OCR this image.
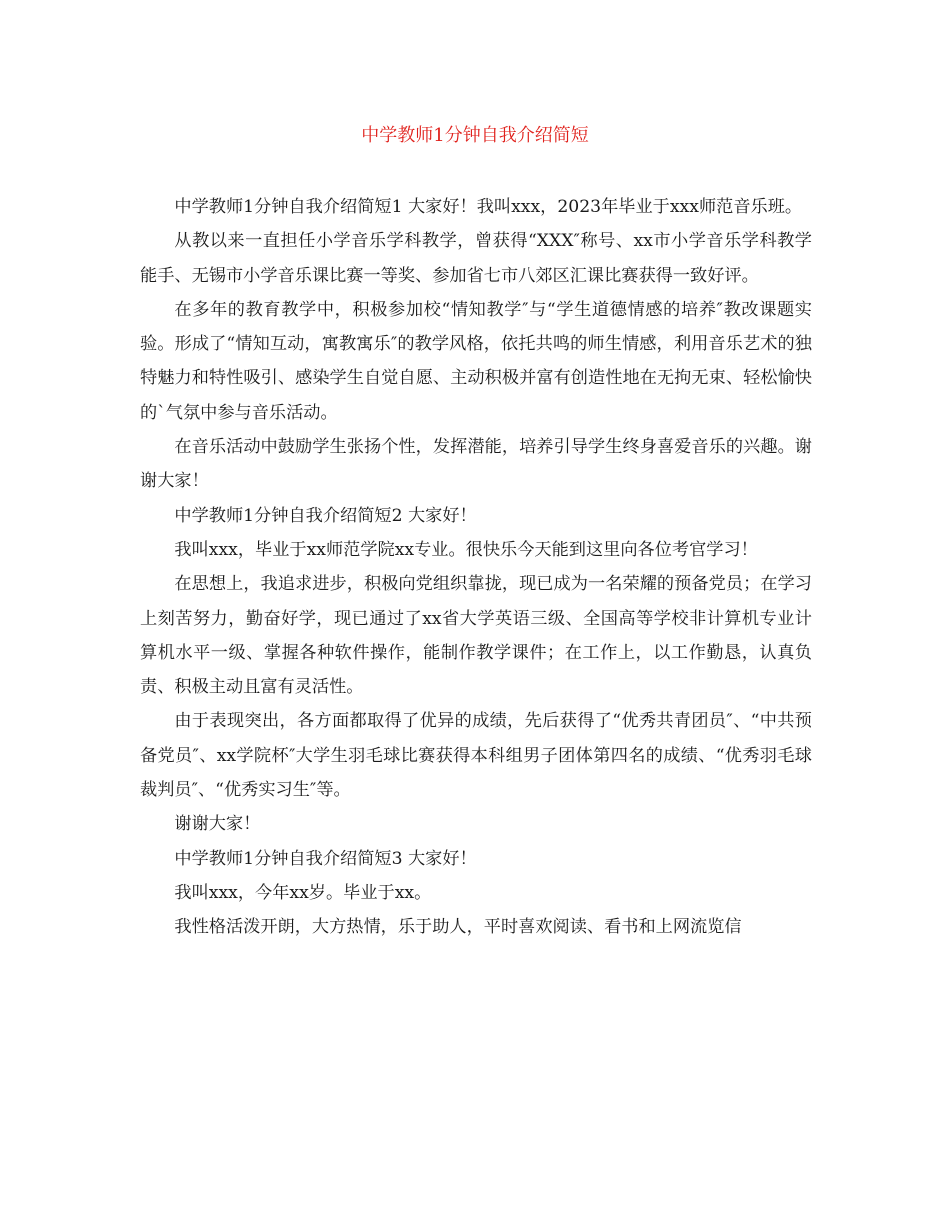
中学教师1分钟自我介绍简短

中学教师1分钟自我介绍简短1 大家好！我叫xxx，2023年毕业于xxx师范音乐班。

从教以来一直担任小学音乐学科教学，曾获得“XXX″称号、xx市小学音乐学科教学能手、无锡市小学音乐课比赛一等奖、参加省七市八郊区汇课比赛获得一致好评。

在多年的教育教学中，积极参加校“情知教学″与“学生道德情感的培养″教改课题实验。形成了“情知互动，寓教寓乐″的教学风格，依托共鸣的师生情感，利用音乐艺术的独特魅力和特性吸引、感染学生自觉自愿、主动积极并富有创造性地在无拘无束、轻松愉快的`气氛中参与音乐活动。

在音乐活动中鼓励学生张扬个性，发挥潜能，培养引导学生终身喜爱音乐的兴趣。谢谢大家！

中学教师1分钟自我介绍简短2 大家好！

我叫xxx，毕业于xx师范学院xx专业。很快乐今天能到这里向各位考官学习！

在思想上，我追求进步，积极向党组织靠拢，现已成为一名荣耀的预备党员；在学习上刻苦努力，勤奋好学，现已通过了xx省大学英语三级、全国高等学校非计算机专业计算机水平一级、掌握各种软件操作，能制作教学课件；在工作上，以工作勤恳，认真负责、积极主动且富有灵活性。

由于表现突出，各方面都取得了优异的成绩，先后获得了“优秀共青团员″、“中共预备党员″、xx学院杯″大学生羽毛球比赛获得本科组男子团体第四名的成绩、“优秀羽毛球裁判员″、“优秀实习生″等。

谢谢大家！

中学教师1分钟自我介绍简短3 大家好！

我叫xxx，今年xx岁。毕业于xx。

我性格活泼开朗，大方热情，乐于助人，平时喜欢阅读、看书和上网流览信
